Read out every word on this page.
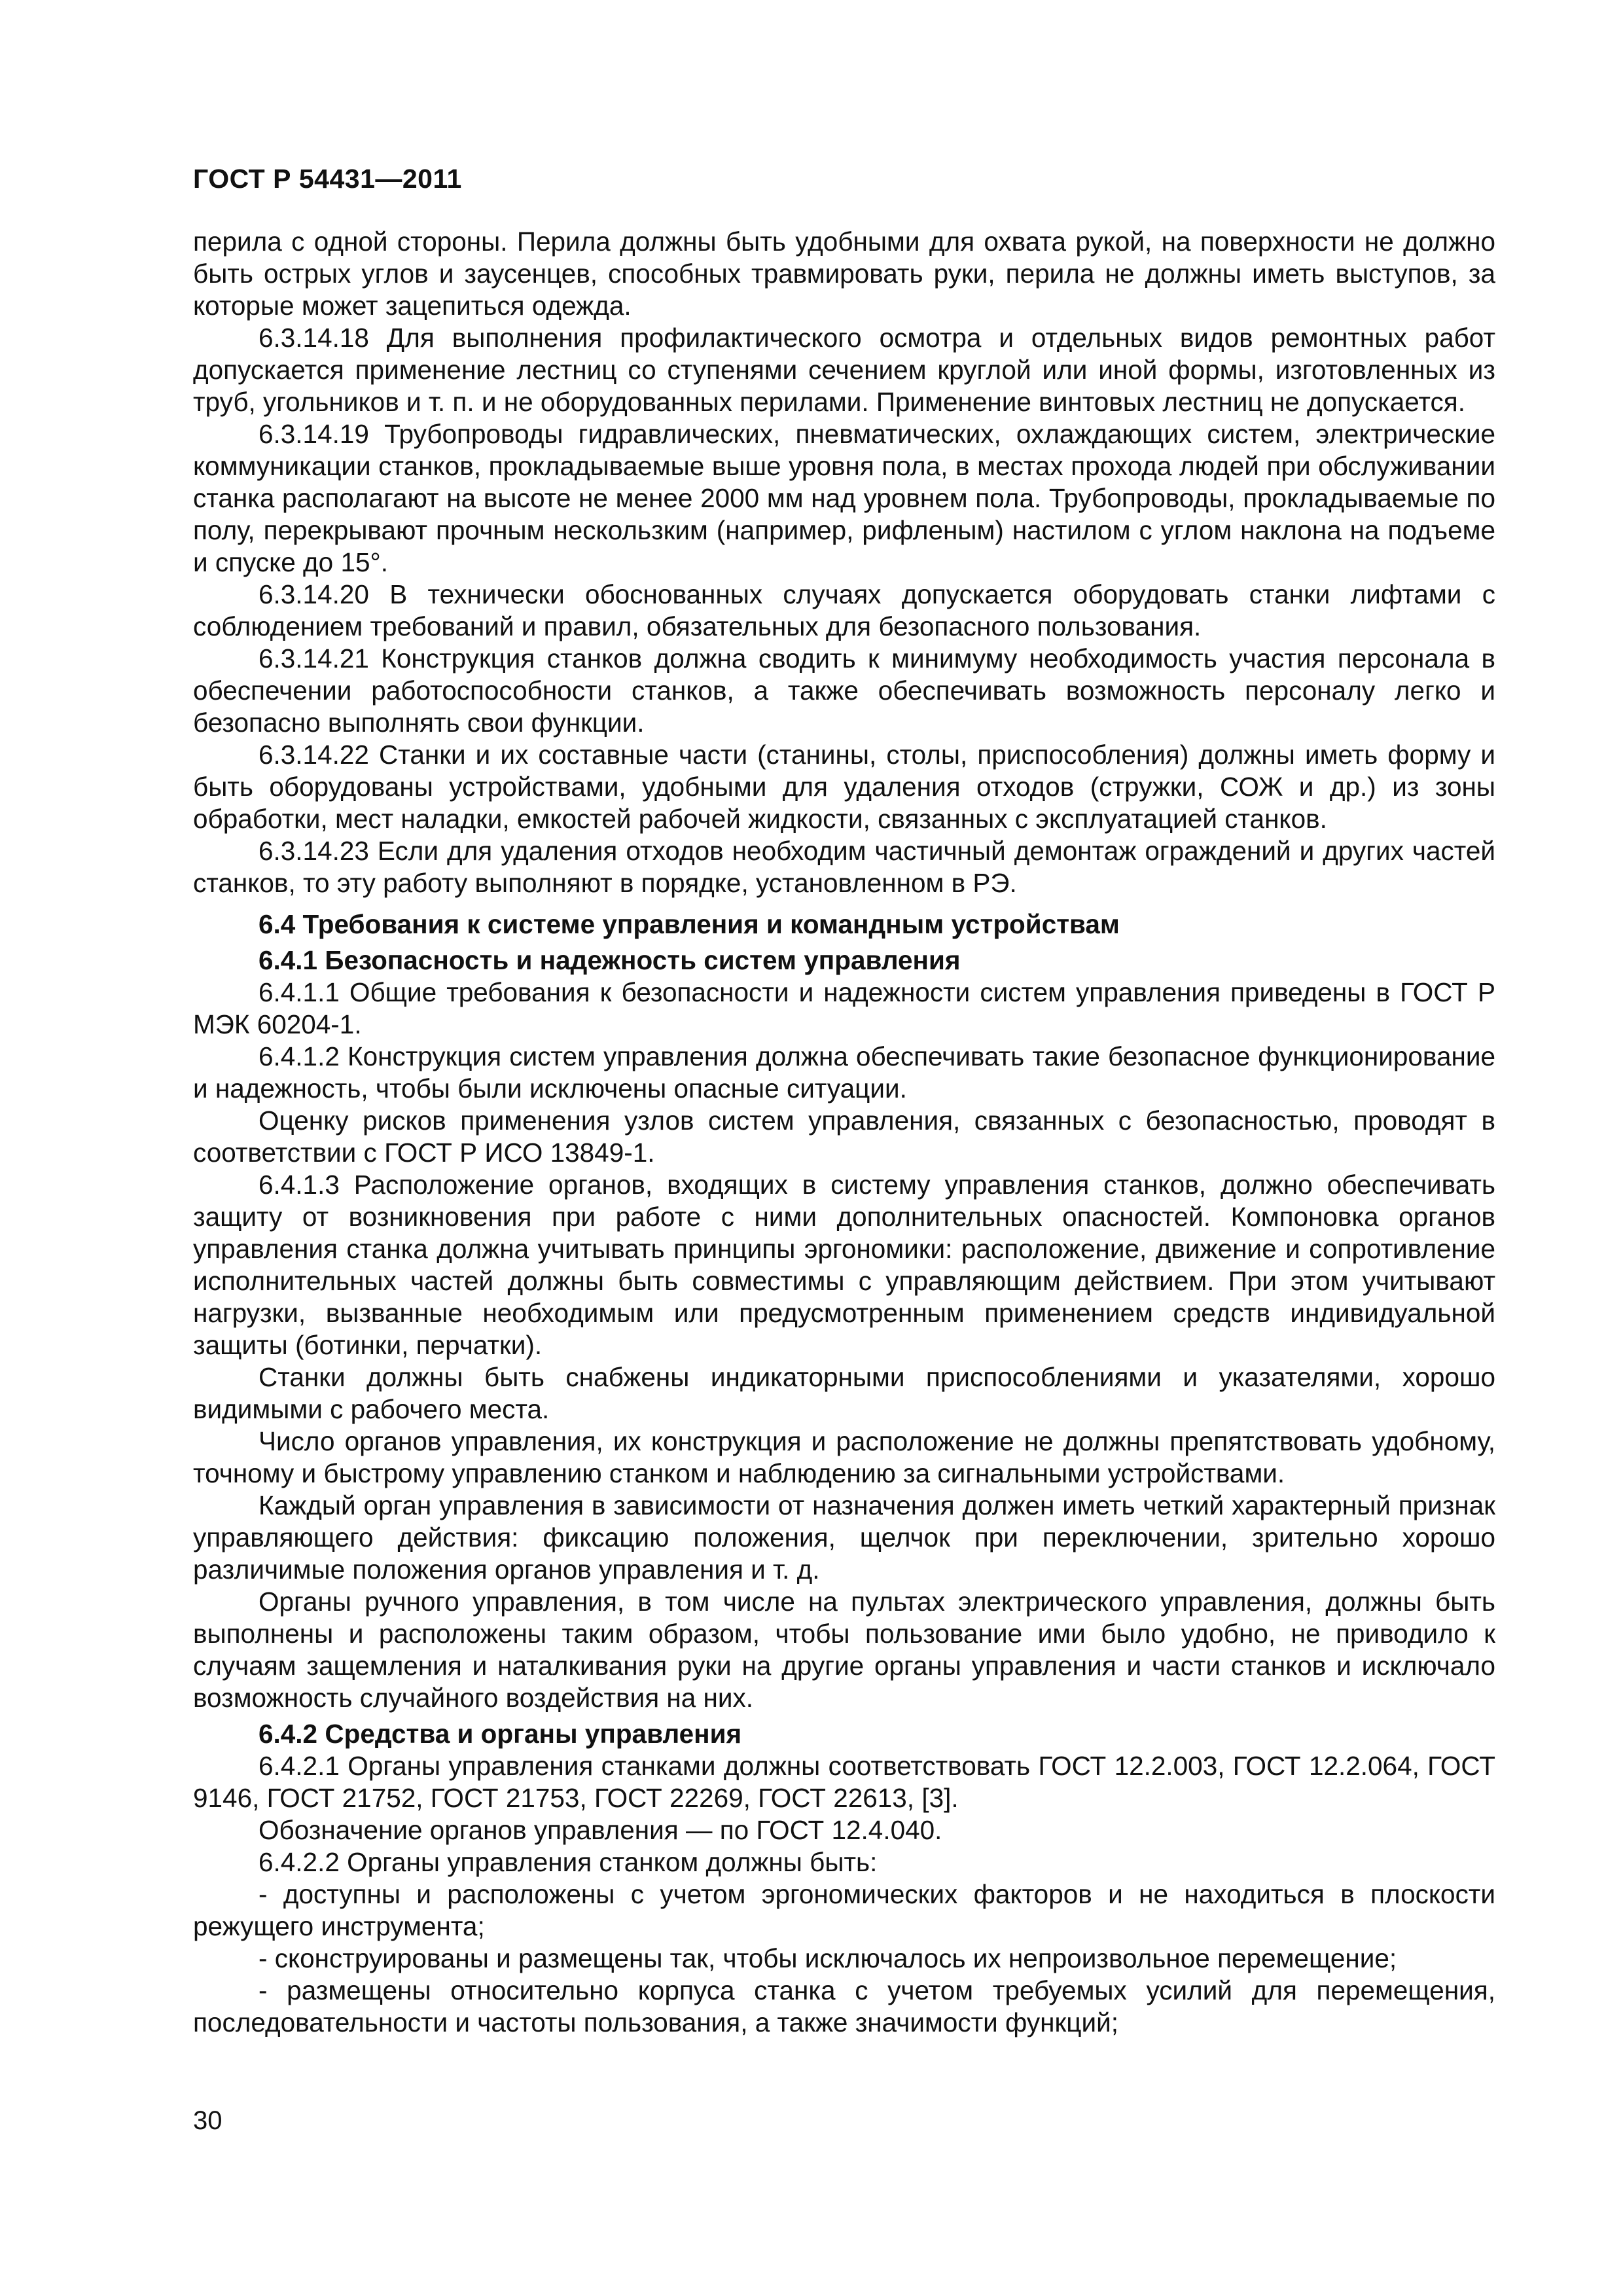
ГОСТ Р 54431—2011

перила с одной стороны. Перила должны быть удобными для охвата рукой, на поверхности не должно быть острых углов и заусенцев, способных травмировать руки, перила не должны иметь выступов, за которые может зацепиться одежда.

6.3.14.18 Для выполнения профилактического осмотра и отдельных видов ремонтных работ допускается применение лестниц со ступенями сечением круглой или иной формы, изготовленных из труб, угольников и т. п. и не оборудованных перилами. Применение винтовых лестниц не допускается.

6.3.14.19 Трубопроводы гидравлических, пневматических, охлаждающих систем, электрические коммуникации станков, прокладываемые выше уровня пола, в местах прохода людей при обслуживании станка располагают на высоте не менее 2000 мм над уровнем пола. Трубопроводы, прокладываемые по полу, перекрывают прочным нескользким (например, рифленым) настилом с углом наклона на подъеме и спуске до 15°.

6.3.14.20 В технически обоснованных случаях допускается оборудовать станки лифтами с соблюдением требований и правил, обязательных для безопасного пользования.

6.3.14.21 Конструкция станков должна сводить к минимуму необходимость участия персонала в обеспечении работоспособности станков, а также обеспечивать возможность персоналу легко и безопасно выполнять свои функции.

6.3.14.22 Станки и их составные части (станины, столы, приспособления) должны иметь форму и быть оборудованы устройствами, удобными для удаления отходов (стружки, СОЖ и др.) из зоны обработки, мест наладки, емкостей рабочей жидкости, связанных с эксплуатацией станков.

6.3.14.23 Если для удаления отходов необходим частичный демонтаж ограждений и других частей станков, то эту работу выполняют в порядке, установленном в РЭ.

6.4 Требования к системе управления и командным устройствам
6.4.1 Безопасность и надежность систем управления

6.4.1.1 Общие требования к безопасности и надежности систем управления приведены в ГОСТ Р МЭК 60204-1.

6.4.1.2 Конструкция систем управления должна обеспечивать такие безопасное функционирование и надежность, чтобы были исключены опасные ситуации.

Оценку рисков применения узлов систем управления, связанных с безопасностью, проводят в соответствии с ГОСТ Р ИСО 13849-1.

6.4.1.3 Расположение органов, входящих в систему управления станков, должно обеспечивать защиту от возникновения при работе с ними дополнительных опасностей. Компоновка органов управления станка должна учитывать принципы эргономики: расположение, движение и сопротивление исполнительных частей должны быть совместимы с управляющим действием. При этом учитывают нагрузки, вызванные необходимым или предусмотренным применением средств индивидуальной защиты (ботинки, перчатки).

Станки должны быть снабжены индикаторными приспособлениями и указателями, хорошо видимыми с рабочего места.

Число органов управления, их конструкция и расположение не должны препятствовать удобному, точному и быстрому управлению станком и наблюдению за сигнальными устройствами.

Каждый орган управления в зависимости от назначения должен иметь четкий характерный признак управляющего действия: фиксацию положения, щелчок при переключении, зрительно хорошо различимые положения органов управления и т. д.

Органы ручного управления, в том числе на пультах электрического управления, должны быть выполнены и расположены таким образом, чтобы пользование ими было удобно, не приводило к случаям защемления и наталкивания руки на другие органы управления и части станков и исключало возможность случайного воздействия на них.

6.4.2 Средства и органы управления

6.4.2.1 Органы управления станками должны соответствовать ГОСТ 12.2.003, ГОСТ 12.2.064, ГОСТ 9146, ГОСТ 21752, ГОСТ 21753, ГОСТ 22269, ГОСТ 22613, [3].

Обозначение органов управления — по ГОСТ 12.4.040.

6.4.2.2 Органы управления станком должны быть:

- доступны и расположены с учетом эргономических факторов и не находиться в плоскости режущего инструмента;

- сконструированы и размещены так, чтобы исключалось их непроизвольное перемещение;

- размещены относительно корпуса станка с учетом требуемых усилий для перемещения, последовательности и частоты пользования, а также значимости функций;

30
